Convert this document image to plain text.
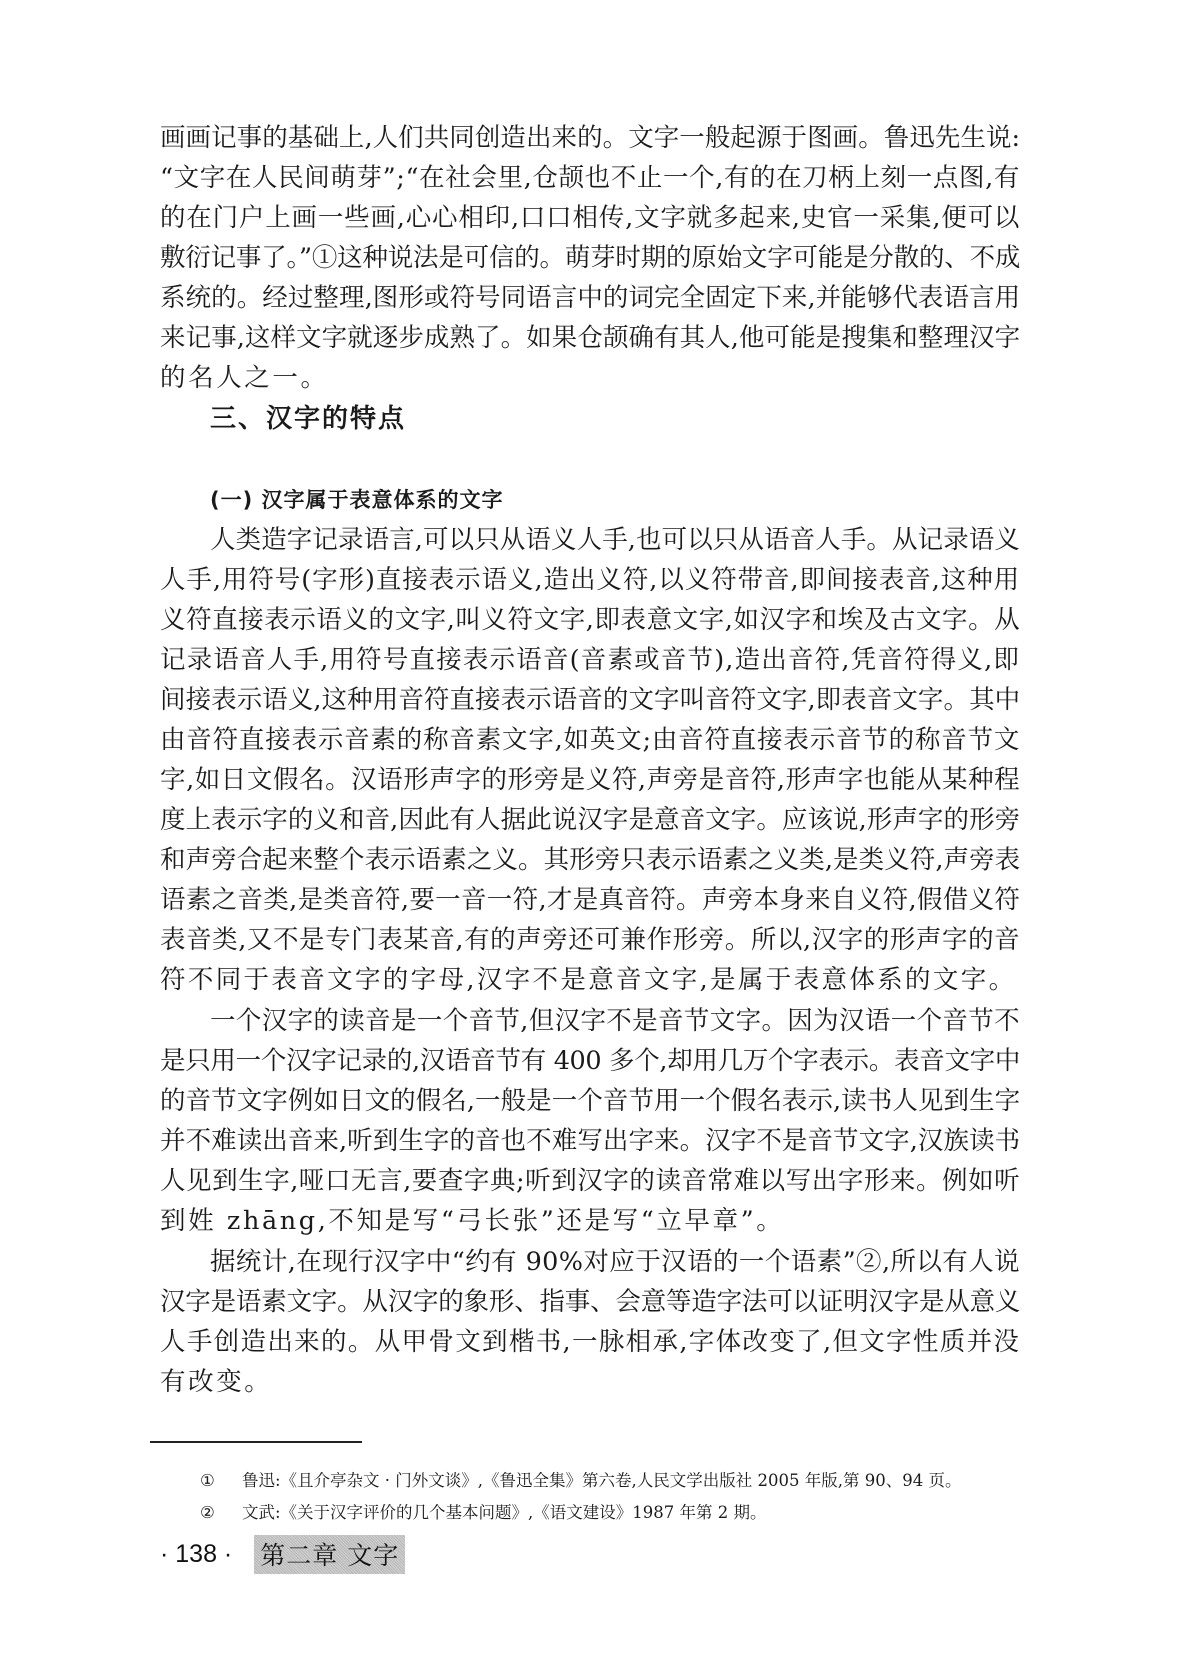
画画记事的基础上,人们共同创造出来的。文字一般起源于图画。鲁迅先生说:
“文字在人民间萌芽”;“在社会里,仓颉也不止一个,有的在刀柄上刻一点图,有
的在门户上画一些画,心心相印,口口相传,文字就多起来,史官一采集,便可以
敷衍记事了。”①这种说法是可信的。萌芽时期的原始文字可能是分散的、不成
系统的。经过整理,图形或符号同语言中的词完全固定下来,并能够代表语言用
来记事,这样文字就逐步成熟了。如果仓颉确有其人,他可能是搜集和整理汉字
的名人之一。
三、汉字的特点
(一) 汉字属于表意体系的文字
人类造字记录语言,可以只从语义人手,也可以只从语音人手。从记录语义
人手,用符号(字形)直接表示语义,造出义符,以义符带音,即间接表音,这种用
义符直接表示语义的文字,叫义符文字,即表意文字,如汉字和埃及古文字。从
记录语音人手,用符号直接表示语音(音素或音节),造出音符,凭音符得义,即
间接表示语义,这种用音符直接表示语音的文字叫音符文字,即表音文字。其中
由音符直接表示音素的称音素文字,如英文;由音符直接表示音节的称音节文
字,如日文假名。汉语形声字的形旁是义符,声旁是音符,形声字也能从某种程
度上表示字的义和音,因此有人据此说汉字是意音文字。应该说,形声字的形旁
和声旁合起来整个表示语素之义。其形旁只表示语素之义类,是类义符,声旁表
语素之音类,是类音符,要一音一符,才是真音符。声旁本身来自义符,假借义符
表音类,又不是专门表某音,有的声旁还可兼作形旁。所以,汉字的形声字的音
符不同于表音文字的字母,汉字不是意音文字,是属于表意体系的文字。
一个汉字的读音是一个音节,但汉字不是音节文字。因为汉语一个音节不
是只用一个汉字记录的,汉语音节有 400 多个,却用几万个字表示。表音文字中
的音节文字例如日文的假名,一般是一个音节用一个假名表示,读书人见到生字
并不难读出音来,听到生字的音也不难写出字来。汉字不是音节文字,汉族读书
人见到生字,哑口无言,要查字典;听到汉字的读音常难以写出字形来。例如听
到姓 zhāng,不知是写“弓长张”还是写“立早章”。
据统计,在现行汉字中“约有 90%对应于汉语的一个语素”②,所以有人说
汉字是语素文字。从汉字的象形、指事、会意等造字法可以证明汉字是从意义
人手创造出来的。从甲骨文到楷书,一脉相承,字体改变了,但文字性质并没
有改变。
① 鲁迅:《且介亭杂文 · 门外文谈》,《鲁迅全集》第六卷,人民文学出版社 2005 年版,第 90、94 页。
② 文武:《关于汉字评价的几个基本问题》,《语文建设》1987 年第 2 期。
· 138 · 第二章 文字
